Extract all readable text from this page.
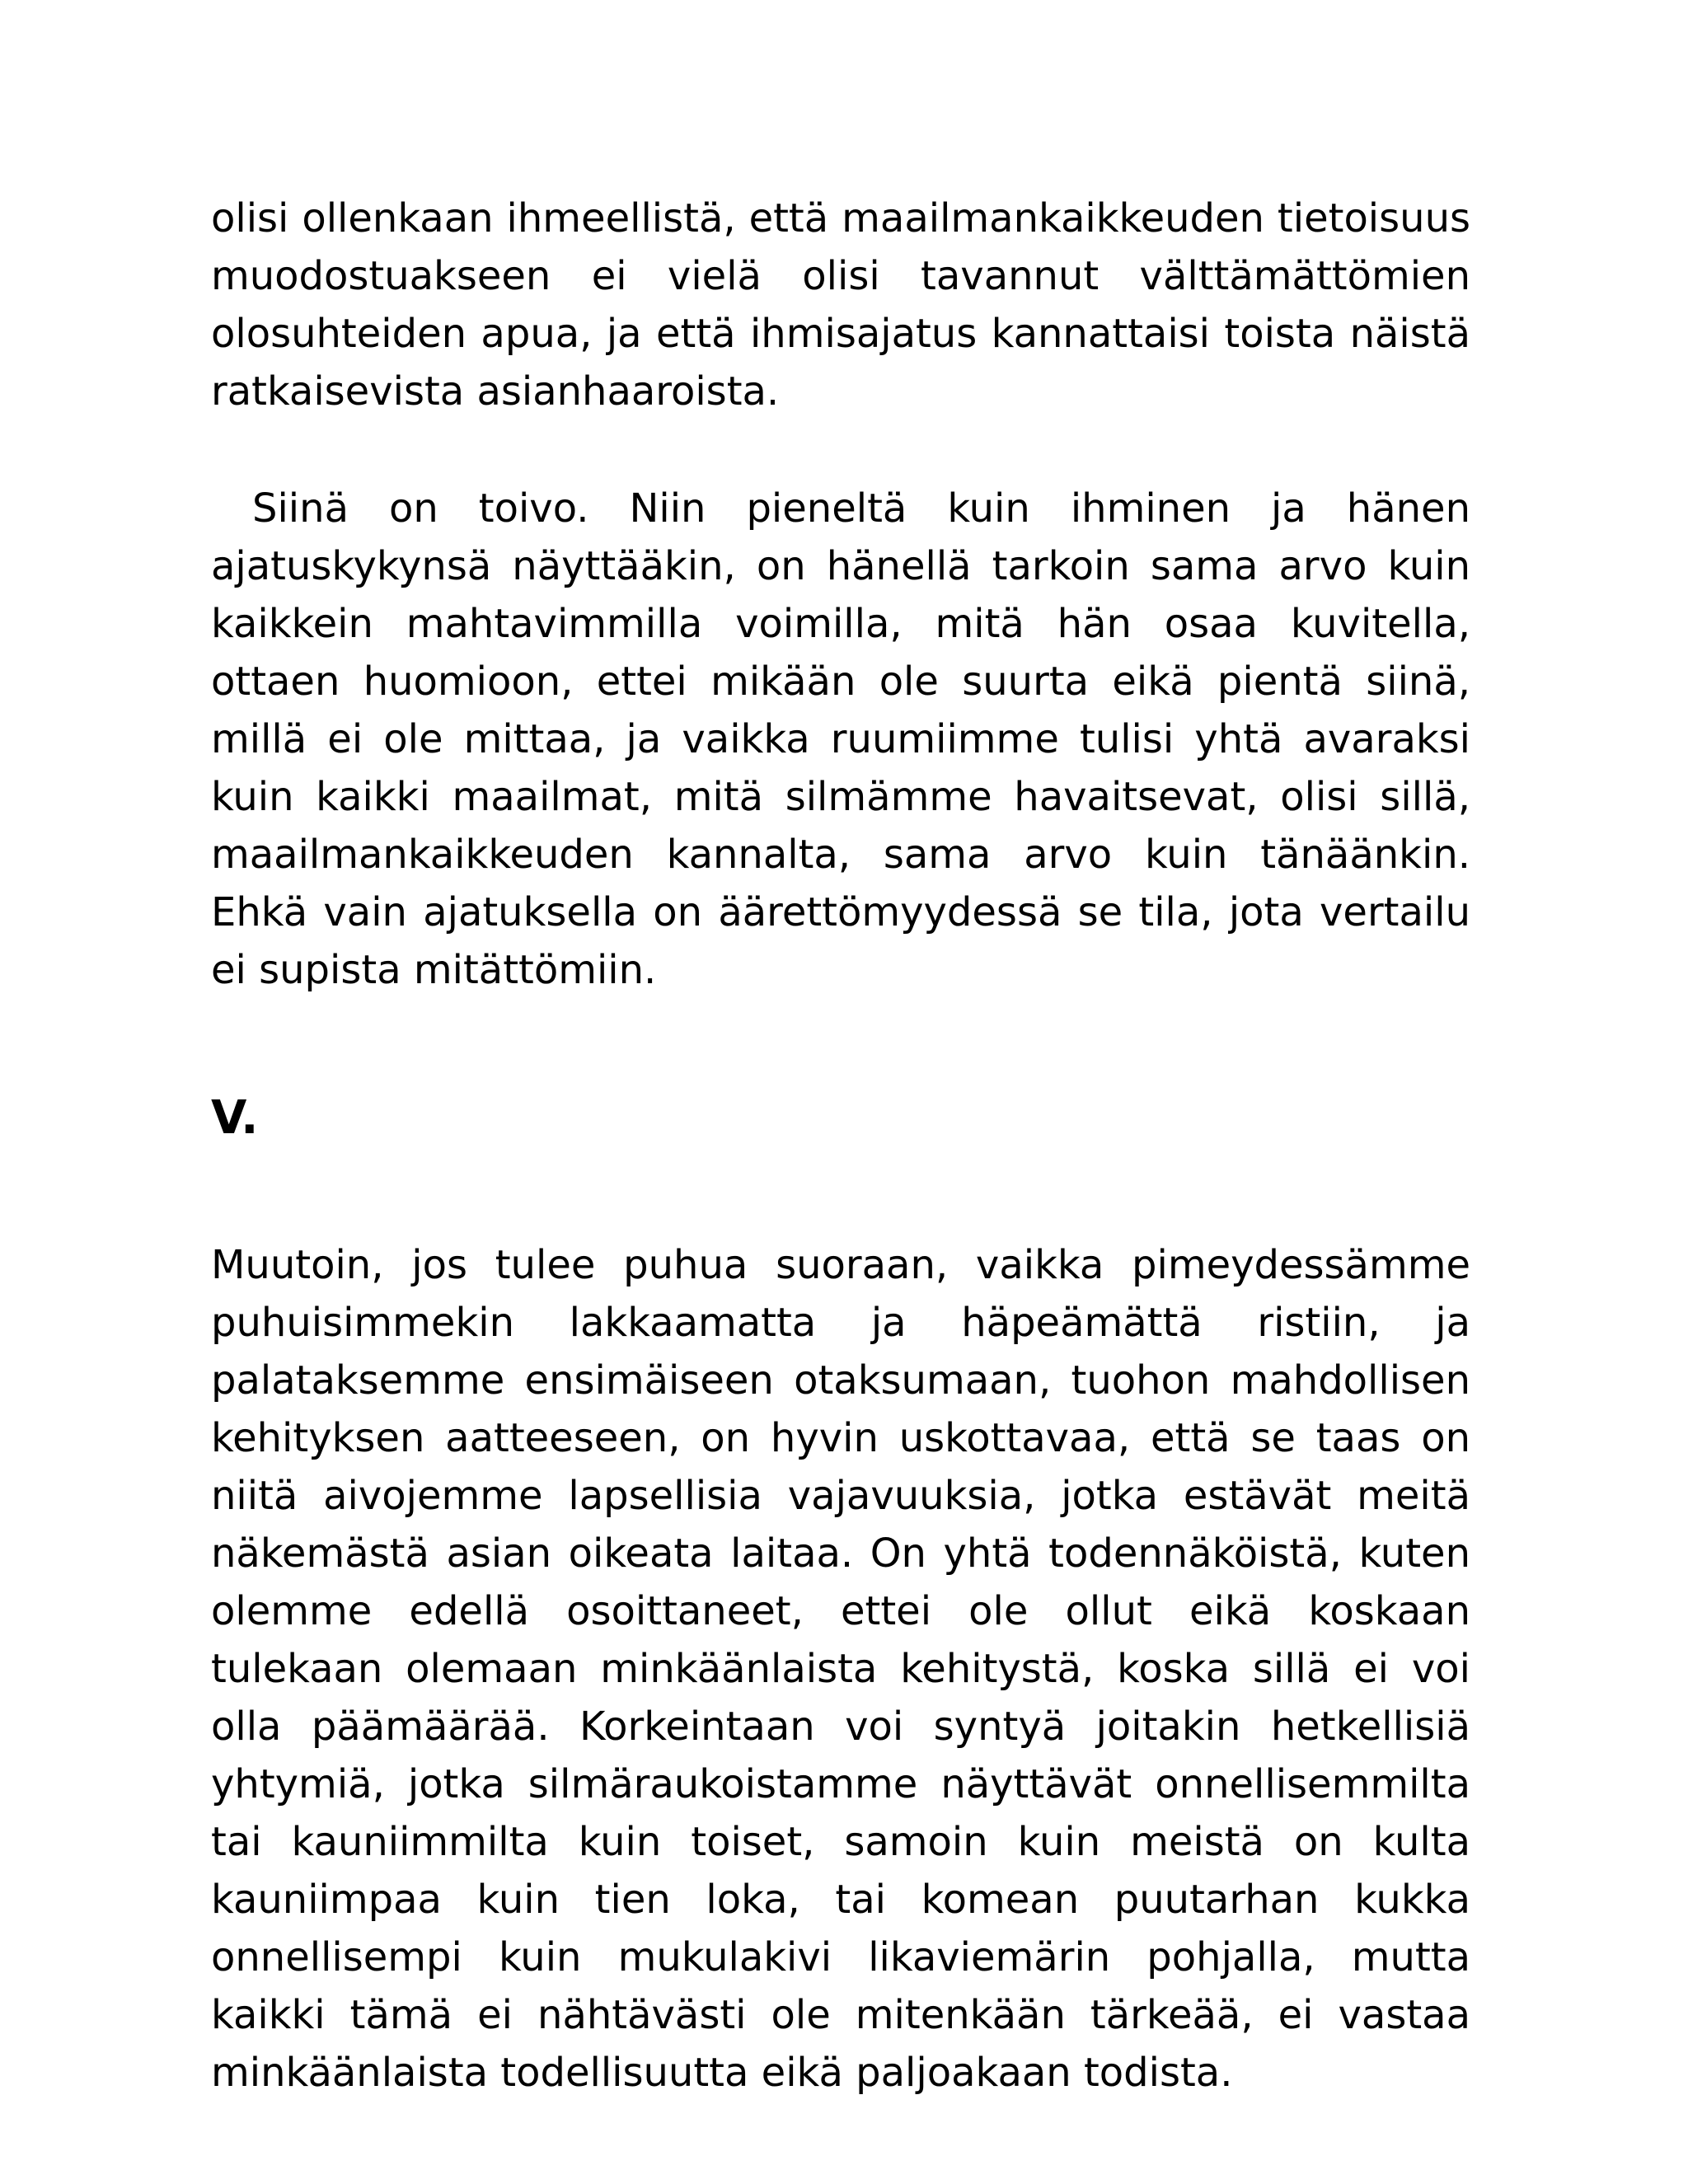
olisi ollenkaan ihmeellistä, että maailmankaikkeuden tietoisuus muodostuakseen ei vielä olisi tavannut välttämättömien olosuhteiden apua, ja että ihmisajatus kannattaisi toista näistä ratkaisevista asianhaaroista.

Siinä on toivo. Niin pieneltä kuin ihminen ja hänen ajatuskykynsä näyttääkin, on hänellä tarkoin sama arvo kuin kaikkein mahtavimmilla voimilla, mitä hän osaa kuvitella, ottaen huomioon, ettei mikään ole suurta eikä pientä siinä, millä ei ole mittaa, ja vaikka ruumiimme tulisi yhtä avaraksi kuin kaikki maailmat, mitä silmämme havaitsevat, olisi sillä, maailmankaikkeuden kannalta, sama arvo kuin tänäänkin. Ehkä vain ajatuksella on äärettömyydessä se tila, jota vertailu ei supista mitättömiin.

V.

Muutoin, jos tulee puhua suoraan, vaikka pimeydessämme puhuisimmekin lakkaamatta ja häpeämättä ristiin, ja palataksemme ensimäiseen otaksumaan, tuohon mahdollisen kehityksen aatteeseen, on hyvin uskottavaa, että se taas on niitä aivojemme lapsellisia vajavuuksia, jotka estävät meitä näkemästä asian oikeata laitaa. On yhtä todennäköistä, kuten olemme edellä osoittaneet, ettei ole ollut eikä koskaan tulekaan olemaan minkäänlaista kehitystä, koska sillä ei voi olla päämäärää. Korkeintaan voi syntyä joitakin hetkellisiä yhtymiä, jotka silmäraukoistamme näyttävät onnellisemmilta tai kauniimmilta kuin toiset, samoin kuin meistä on kulta kauniimpaa kuin tien loka, tai komean puutarhan kukka onnellisempi kuin mukulakivi likaviemärin pohjalla, mutta kaikki tämä ei nähtävästi ole mitenkään tärkeää, ei vastaa minkäänlaista todellisuutta eikä paljoakaan todista.
